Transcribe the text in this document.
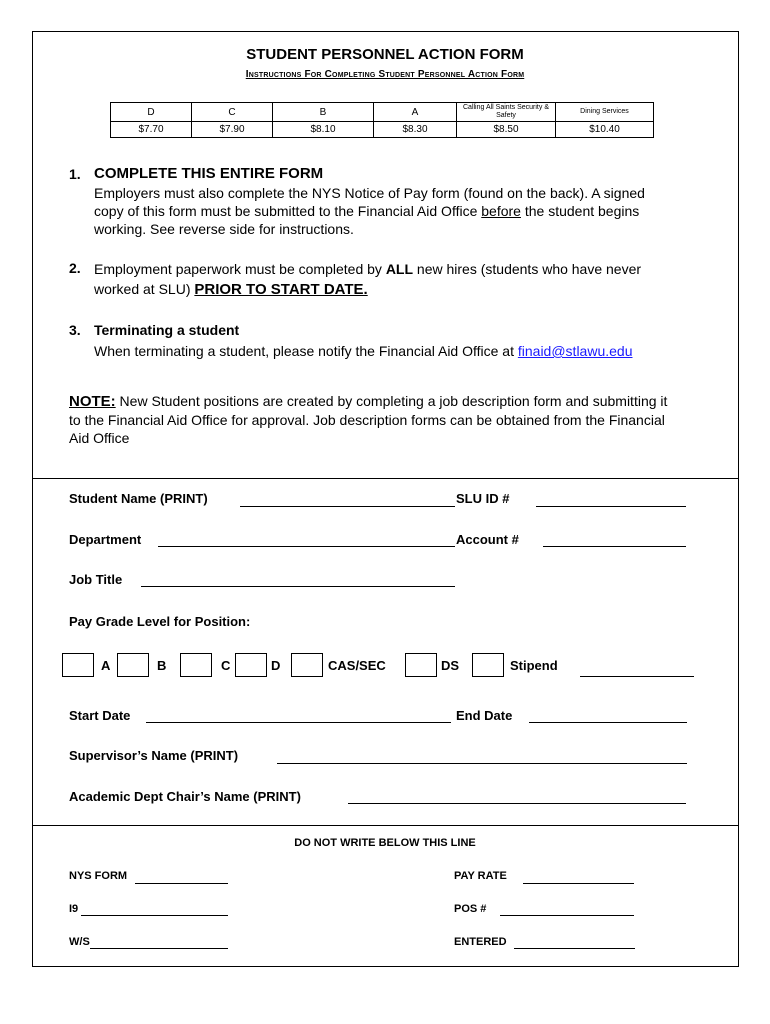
STUDENT PERSONNEL ACTION FORM
Instructions For Completing Student Personnel Action Form
D	C	B	A	Calling All Saints Security & Safety	Dining Services
$7.70	$7.90	$8.10	$8.30	$8.50	$10.40
1. COMPLETE THIS ENTIRE FORM
Employers must also complete the NYS Notice of Pay form (found on the back). A signed
copy of this form must be submitted to the Financial Aid Office before the student begins
working. See reverse side for instructions.
2. Employment paperwork must be completed by ALL new hires (students who have never
worked at SLU) PRIOR TO START DATE.
3. Terminating a student
When terminating a student, please notify the Financial Aid Office at finaid@stlawu.edu
NOTE: New Student positions are created by completing a job description form and submitting it
to the Financial Aid Office for approval. Job description forms can be obtained from the Financial
Aid Office
Student Name (PRINT)	SLU ID #
Department	Account #
Job Title
Pay Grade Level for Position:
A	B	C	D	CAS/SEC	DS	Stipend
Start Date	End Date
Supervisor’s Name (PRINT)
Academic Dept Chair’s Name (PRINT)
DO NOT WRITE BELOW THIS LINE
NYS FORM	PAY RATE
I9	POS #
W/S	ENTERED
